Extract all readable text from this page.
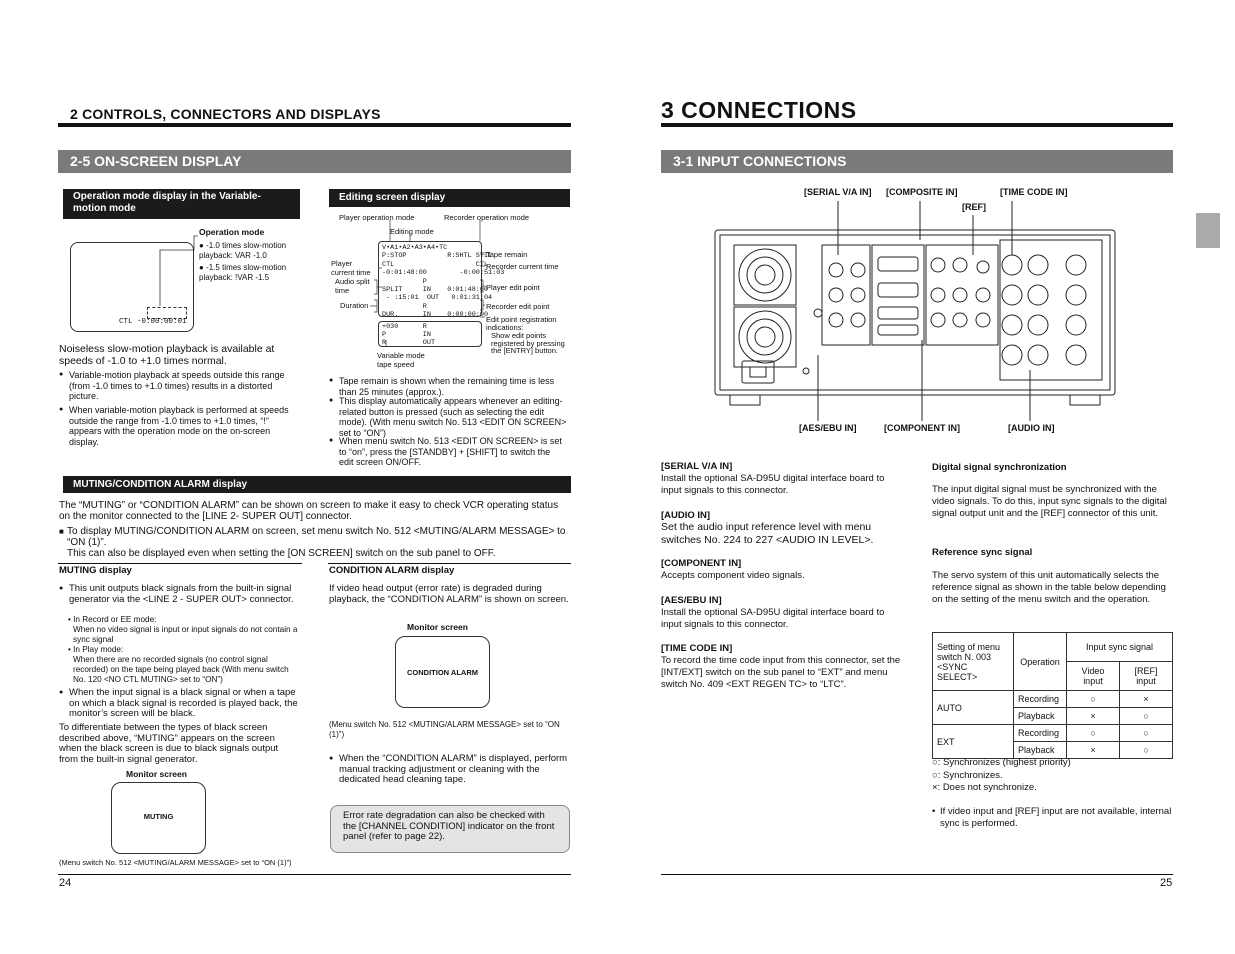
2 CONTROLS, CONNECTORS AND DISPLAYS
2-5 ON-SCREEN DISPLAY
Operation mode display in the Variable-motion mode
Operation mode
CTL -0:00:00:01
● -1.0 times slow-motion playback: VAR -1.0
● -1.5 times slow-motion playback: !VAR -1.5
Noiseless slow-motion playback is available at speeds of -1.0 to +1.0 times normal.
● Variable-motion playback at speeds outside this range (from -1.0 times to +1.0 times) results in a distorted picture.
● When variable-motion playback is performed at speeds outside the range from -1.0 times to +1.0 times, “!” appears with the operation mode on the on-screen display.
Editing screen display
Player operation mode	Recorder operation mode
Editing mode
Player current time
Audio split time
Duration
V•A1•A2•A3•A4•TC
P:STOP          R:SHTL STIL
CTL                    CTL
-0:01:48:00        -0:00:51:03
P
SPLIT     IN    0:01:48:00
- :15:01  OUT   0:01:31:04
R
DUR.      IN    0:00:00:00
+030      R
P         IN
R         OUT
Tape remain
Recorder current time
Player edit point
Recorder edit point
Edit point registration indications:
Show edit points registered by pressing the [ENTRY] button.
Variable mode tape speed
● Tape remain is shown when the remaining time is less than 25 minutes (approx.).
● This display automatically appears whenever an editing-related button is pressed (such as selecting the edit mode). (With menu switch No. 513 <EDIT ON SCREEN> set to “ON”)
● When menu switch No. 513 <EDIT ON SCREEN> is set to “on”, press the [STANDBY] + [SHIFT] to switch the edit screen ON/OFF.
MUTING/CONDITION ALARM display
The “MUTING” or “CONDITION ALARM” can be shown on screen to make it easy to check VCR operating status on the monitor connected to the [LINE 2- SUPER OUT] connector.
■ To display MUTING/CONDITION ALARM on screen, set menu switch No. 512 <MUTING/ALARM MESSAGE> to “ON (1)”.
This can also be displayed even when setting the [ON SCREEN] switch on the sub panel to OFF.
MUTING display
● This unit outputs black signals from the built-in signal generator via the <LINE 2 - SUPER OUT> connector.
• In Record or EE mode:
When no video signal is input or input signals do not contain a sync signal
• In Play mode:
When there are no recorded signals (no control signal recorded) on the tape being played back (With menu switch No. 120 <NO CTL MUTING> set to “ON”)
● When the input signal is a black signal or when a tape on which a black signal is recorded is played back, the monitor’s screen will be black.
To differentiate between the types of black screen described above, “MUTING” appears on the screen when the black screen is due to black signals output from the built-in signal generator.
Monitor screen
MUTING
(Menu switch No. 512 <MUTING/ALARM MESSAGE> set to “ON (1)”)
CONDITION ALARM display
If video head output (error rate) is degraded during playback, the “CONDITION ALARM” is shown on screen.
Monitor screen
CONDITION ALARM
(Menu switch No. 512 <MUTING/ALARM MESSAGE> set to “ON (1)”)
● When the “CONDITION ALARM” is displayed, perform manual tracking adjustment or cleaning with the dedicated head cleaning tape.
Error rate degradation can also be checked with the [CHANNEL CONDITION] indicator on the front panel (refer to page 22).
24
3 CONNECTIONS
3-1 INPUT CONNECTIONS
[SERIAL V/A IN] [COMPOSITE IN]	[TIME CODE IN]
[REF]
[AES/EBU IN]	[COMPONENT IN]	[AUDIO IN]
[SERIAL V/A IN]
Install the optional SA-D95U digital interface board to input signals to this connector.
[AUDIO IN]
Set the audio input reference level with menu switches No. 224 to 227 <AUDIO IN LEVEL>.
[COMPONENT IN]
Accepts component video signals.
[AES/EBU IN]
Install the optional SA-D95U digital interface board to input signals to this connector.
[TIME CODE IN]
To record the time code input from this connector, set the [INT/EXT] switch on the sub panel to “EXT” and menu switch No. 409 <EXT REGEN TC> to “LTC”.
Digital signal synchronization
The input digital signal must be synchronized with the video signals. To do this, input sync signals to the digital signal output unit and the [REF] connector of this unit.
Reference sync signal
The servo system of this unit automatically selects the reference signal as shown in the table below depending on the setting of the menu switch and the operation.
Setting of menu switch N. 003 <SYNC SELECT>	Operation	Input sync signal	
		Video input	[REF] input
AUTO	Recording	○	×
	Playback	×	○
EXT	Recording	○	○
	Playback	×	○
○: Synchronizes (highest priority)
○: Synchronizes.
×: Does not synchronize.
• If video input and [REF] input are not available, internal sync is performed.
25
